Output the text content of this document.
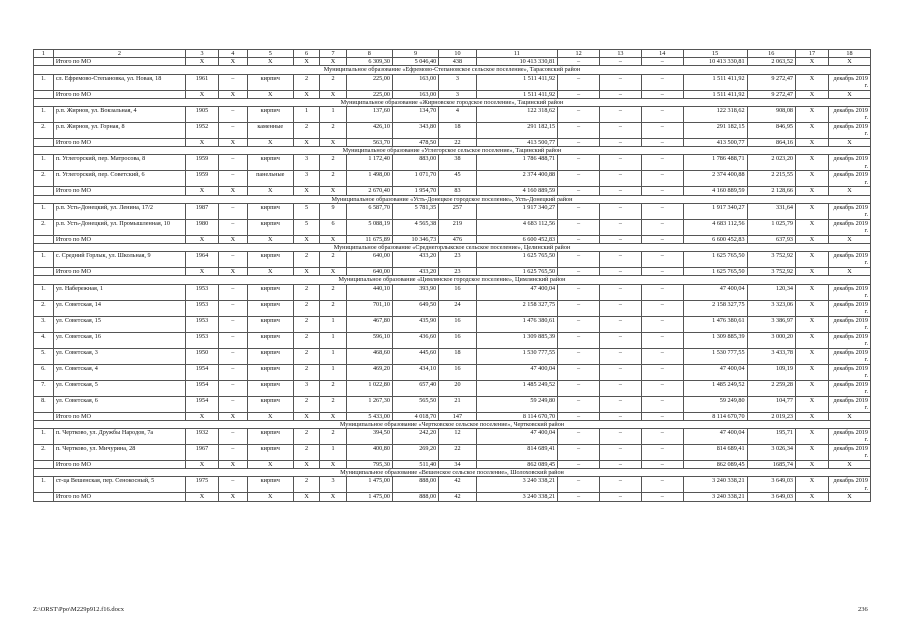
1	2	3	4	5	6	7	8	9	10	11	12	13	14	15	16	17	18
	Итого по МО	X	X	X	X	X	6 309,30	5 046,40	438	10 413 330,81	–	–	–	10 413 330,81	2 063,52	X	X
Муниципальное образование «Ефремово-Степановское сельское поселение», Тарасовский район																	
1.	сл. Ефремово-Степановка, ул. Новая, 18	1961	–	кирпич	2	2	225,00	163,00	3	1 511 411,92	–	–	–	1 511 411,92	9 272,47	X	декабрь 2019 г.
	Итого по МО	X	X	X	X	X	225,00	163,00	3	1 511 411,92	–	–	–	1 511 411,92	9 272,47	X	X
Муниципальное образование «Жирновское городское поселение», Тацинский район																	
1.	р.п. Жирнов, ул. Вокзальная, 4	1905	–	кирпич	1	1	137,60	134,70	4	122 318,62	–	–	–	122 318,62	908,08	X	декабрь 2019 г.
2.	р.п. Жирнов, ул. Горная, 8	1952	–	каменные	2	2	426,10	343,80	18	291 182,15	–	–	–	291 182,15	846,95	X	декабрь 2019 г.
	Итого по МО	X	X	X	X	X	563,70	478,50	22	413 500,77	–	–	–	413 500,77	864,16	X	X
Муниципальное образование «Углегорское сельское поселение», Тацинский район																	
1.	п. Углегорский, пер. Матросова, 8	1959	–	кирпич	3	2	1 172,40	883,00	38	1 786 488,71	–	–	–	1 786 488,71	2 023,20	X	декабрь 2019 г.
2.	п. Углегорский, пер. Советский, 6	1959	–	панельные	3	2	1 498,00	1 071,70	45	2 374 400,88	–	–	–	2 374 400,88	2 215,55	X	декабрь 2019 г.
	Итого по МО	X	X	X	X	X	2 670,40	1 954,70	83	4 160 889,59	–	–	–	4 160 889,59	2 128,66	X	X
Муниципальное образование «Усть-Донецкое городское поселение», Усть-Донецкий район																	
1.	р.п. Усть-Донецкий, ул. Ленина, 17/2	1987	–	кирпич	5	9	6 587,70	5 781,35	257	1 917 340,27	–	–	–	1 917 340,27	331,64	X	декабрь 2019 г.
2.	р.п. Усть-Донецкий, ул. Промышленная, 10	1980	–	кирпич	5	6	5 088,19	4 565,38	219	4 683 112,56	–	–	–	4 683 112,56	1 025,79	X	декабрь 2019 г.
	Итого по МО	X	X	X	X	X	11 675,89	10 346,73	476	6 600 452,83	–	–	–	6 600 452,83	637,93	X	X
Муниципальное образование «Среднегорлыкское сельское поселение», Целинский район																	
1.	с. Средний Горлык, ул. Школьная, 9	1964	–	кирпич	2	2	640,00	433,20	23	1 625 765,50	–	–	–	1 625 765,50	3 752,92	X	декабрь 2019 г.
	Итого по МО	X	X	X	X	X	640,00	433,20	23	1 625 765,50	–	–	–	1 625 765,50	3 752,92	X	X
Муниципальное образование «Цимлянское городское поселение», Цимлянский район																	
1.	ул. Набережная, 1	1953	–	кирпич	2	2	440,10	393,90	16	47 400,04	–	–	–	47 400,04	120,34	X	декабрь 2019 г.
2.	ул. Советская, 14	1953	–	кирпич	2	2	701,10	649,50	24	2 158 327,75	–	–	–	2 158 327,75	3 323,06	X	декабрь 2019 г.
3.	ул. Советская, 15	1953	–	кирпич	2	1	467,80	435,90	16	1 476 380,61	–	–	–	1 476 380,61	3 386,97	X	декабрь 2019 г.
4.	ул. Советская, 16	1953	–	кирпич	2	1	596,10	436,60	16	1 309 885,39	–	–	–	1 309 885,39	3 000,20	X	декабрь 2019 г.
5.	ул. Советская, 3	1950	–	кирпич	2	1	468,60	445,60	18	1 530 777,55	–	–	–	1 530 777,55	3 433,78	X	декабрь 2019 г.
6.	ул. Советская, 4	1954	–	кирпич	2	1	469,20	434,10	16	47 400,04	–	–	–	47 400,04	109,19	X	декабрь 2019 г.
7.	ул. Советская, 5	1954	–	кирпич	3	2	1 022,80	657,40	20	1 485 249,52	–	–	–	1 485 249,52	2 259,28	X	декабрь 2019 г.
8.	ул. Советская, 6	1954	–	кирпич	2	2	1 267,30	565,50	21	59 249,80	–	–	–	59 249,80	104,77	X	декабрь 2019 г.
	Итого по МО	X	X	X	X	X	5 433,00	4 018,70	147	8 114 670,70	–	–	–	8 114 670,70	2 019,23	X	X
Муниципальное образование «Чертковское сельское поселение», Чертковский район																	
1.	п. Чертково, ул. Дружбы Народов, 7а	1932	–	кирпич	2	2	394,50	242,20	12	47 400,04	–	–	–	47 400,04	195,71	X	декабрь 2019 г.
2.	п. Чертково, ул. Мичурина, 28	1967	–	кирпич	2	1	400,80	269,20	22	814 689,41	–	–	–	814 689,41	3 026,34	X	декабрь 2019 г.
	Итого по МО	X	X	X	X	X	795,30	511,40	34	862 089,45	–	–	–	862 089,45	1685,74	X	X
Муниципальное образование «Вешенское сельское поселение», Шолоховский район																	
1.	ст-ца Вешенская, пер. Сенокосный, 5	1975	–	кирпич	2	3	1 475,00	888,00	42	3 240 338,21	–	–	–	3 240 338,21	3 649,03	X	декабрь 2019 г.
	Итого по МО	X	X	X	X	X	1 475,00	888,00	42	3 240 338,21	–	–	–	3 240 338,21	3 649,03	X	X
Z:\ORST\Ppo\M229p912.f16.docx	236
